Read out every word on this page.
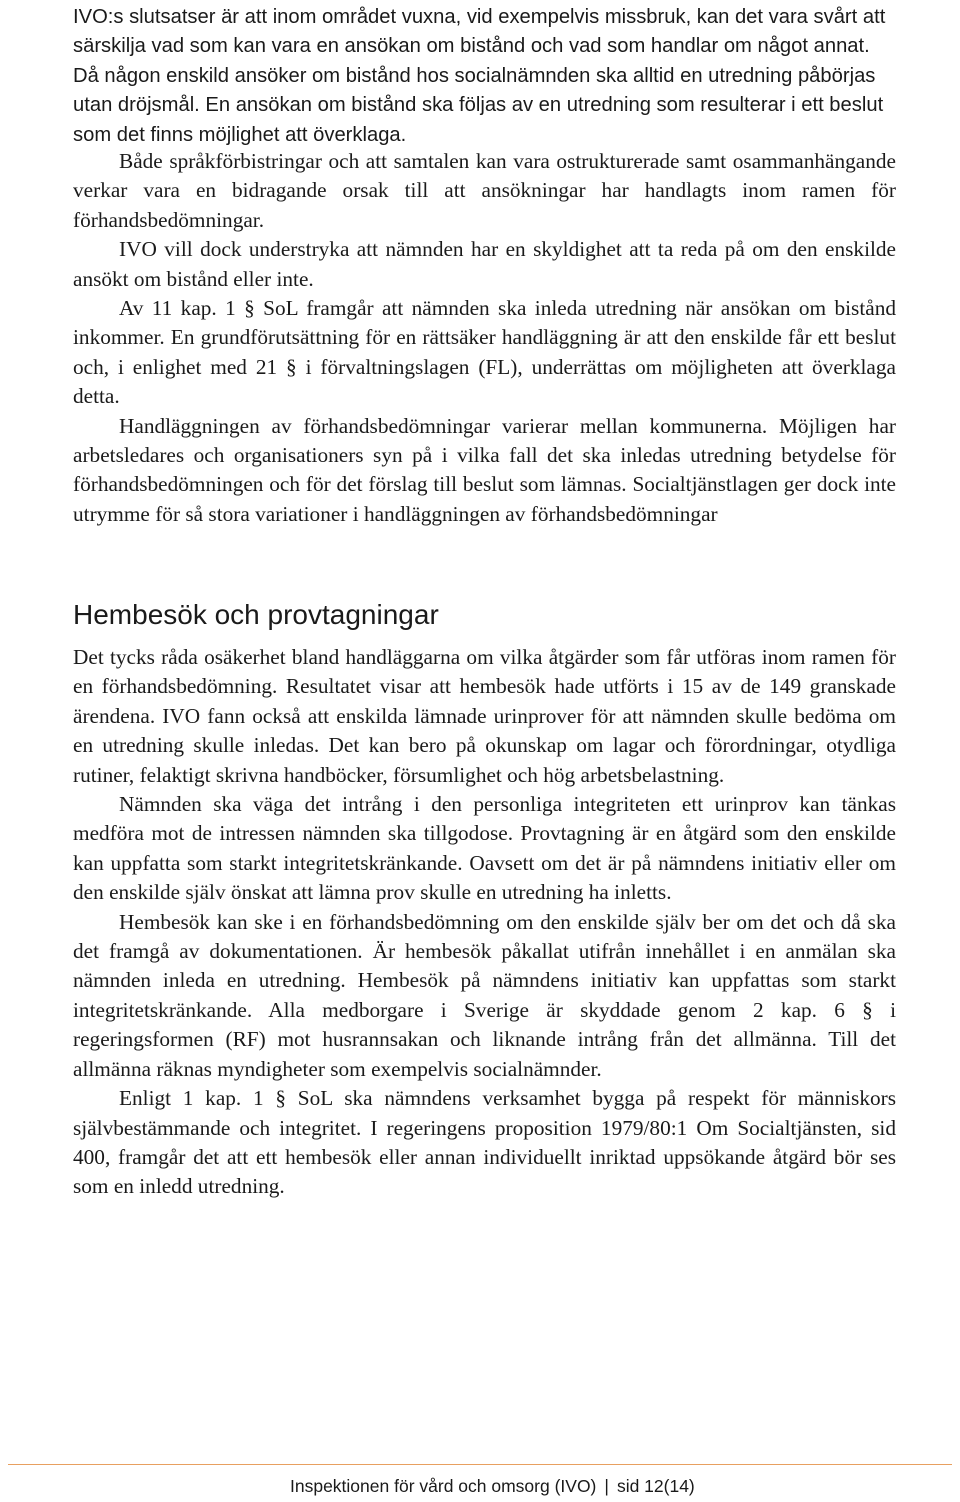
IVO:s slutsatser är att inom området vuxna, vid exempelvis missbruk, kan det vara svårt att särskilja vad som kan vara en ansökan om bistånd och vad som handlar om något annat. Då någon enskild ansöker om bistånd hos socialnämnden ska alltid en utredning påbörjas utan dröjsmål. En ansökan om bistånd ska följas av en utredning som resulterar i ett beslut som det finns möjlighet att överklaga.

Både språkförbistringar och att samtalen kan vara ostrukturerade samt osammanhängande verkar vara en bidragande orsak till att ansökningar har handlagts inom ramen för förhandsbedömningar.

IVO vill dock understryka att nämnden har en skyldighet att ta reda på om den enskilde ansökt om bistånd eller inte.

Av 11 kap. 1 § SoL framgår att nämnden ska inleda utredning när ansökan om bistånd inkommer. En grundförutsättning för en rättsäker handläggning är att den enskilde får ett beslut och, i enlighet med 21 § i förvaltningslagen (FL), underrättas om möjligheten att överklaga detta.

Handläggningen av förhandsbedömningar varierar mellan kommunerna. Möjligen har arbetsledares och organisationers syn på i vilka fall det ska inledas utredning betydelse för förhandsbedömningen och för det förslag till beslut som lämnas. Socialtjänstlagen ger dock inte utrymme för så stora variationer i handläggningen av förhandsbedömningar

Hembesök och provtagningar

Det tycks råda osäkerhet bland handläggarna om vilka åtgärder som får utföras inom ramen för en förhandsbedömning. Resultatet visar att hembesök hade utförts i 15 av de 149 granskade ärendena. IVO fann också att enskilda lämnade urinprover för att nämnden skulle bedöma om en utredning skulle inledas. Det kan bero på okunskap om lagar och förordningar, otydliga rutiner, felaktigt skrivna handböcker, försumlighet och hög arbetsbelastning.

Nämnden ska väga det intrång i den personliga integriteten ett urinprov kan tänkas medföra mot de intressen nämnden ska tillgodose. Provtagning är en åtgärd som den enskilde kan uppfatta som starkt integritetskränkande. Oavsett om det är på nämndens initiativ eller om den enskilde själv önskat att lämna prov skulle en utredning ha inletts.

Hembesök kan ske i en förhandsbedömning om den enskilde själv ber om det och då ska det framgå av dokumentationen. Är hembesök påkallat utifrån innehållet i en anmälan ska nämnden inleda en utredning. Hembesök på nämndens initiativ kan uppfattas som starkt integritetskränkande. Alla medborgare i Sverige är skyddade genom 2 kap. 6 § i regeringsformen (RF) mot husrannsakan och liknande intrång från det allmänna. Till det allmänna räknas myndigheter som exempelvis socialnämnder.

Enligt 1 kap. 1 § SoL ska nämndens verksamhet bygga på respekt för människors självbestämmande och integritet. I regeringens proposition 1979/80:1 Om Socialtjänsten, sid 400, framgår det att ett hembesök eller annan individuellt inriktad uppsökande åtgärd bör ses som en inledd utredning.

Inspektionen för vård och omsorg (IVO) | sid 12(14)
